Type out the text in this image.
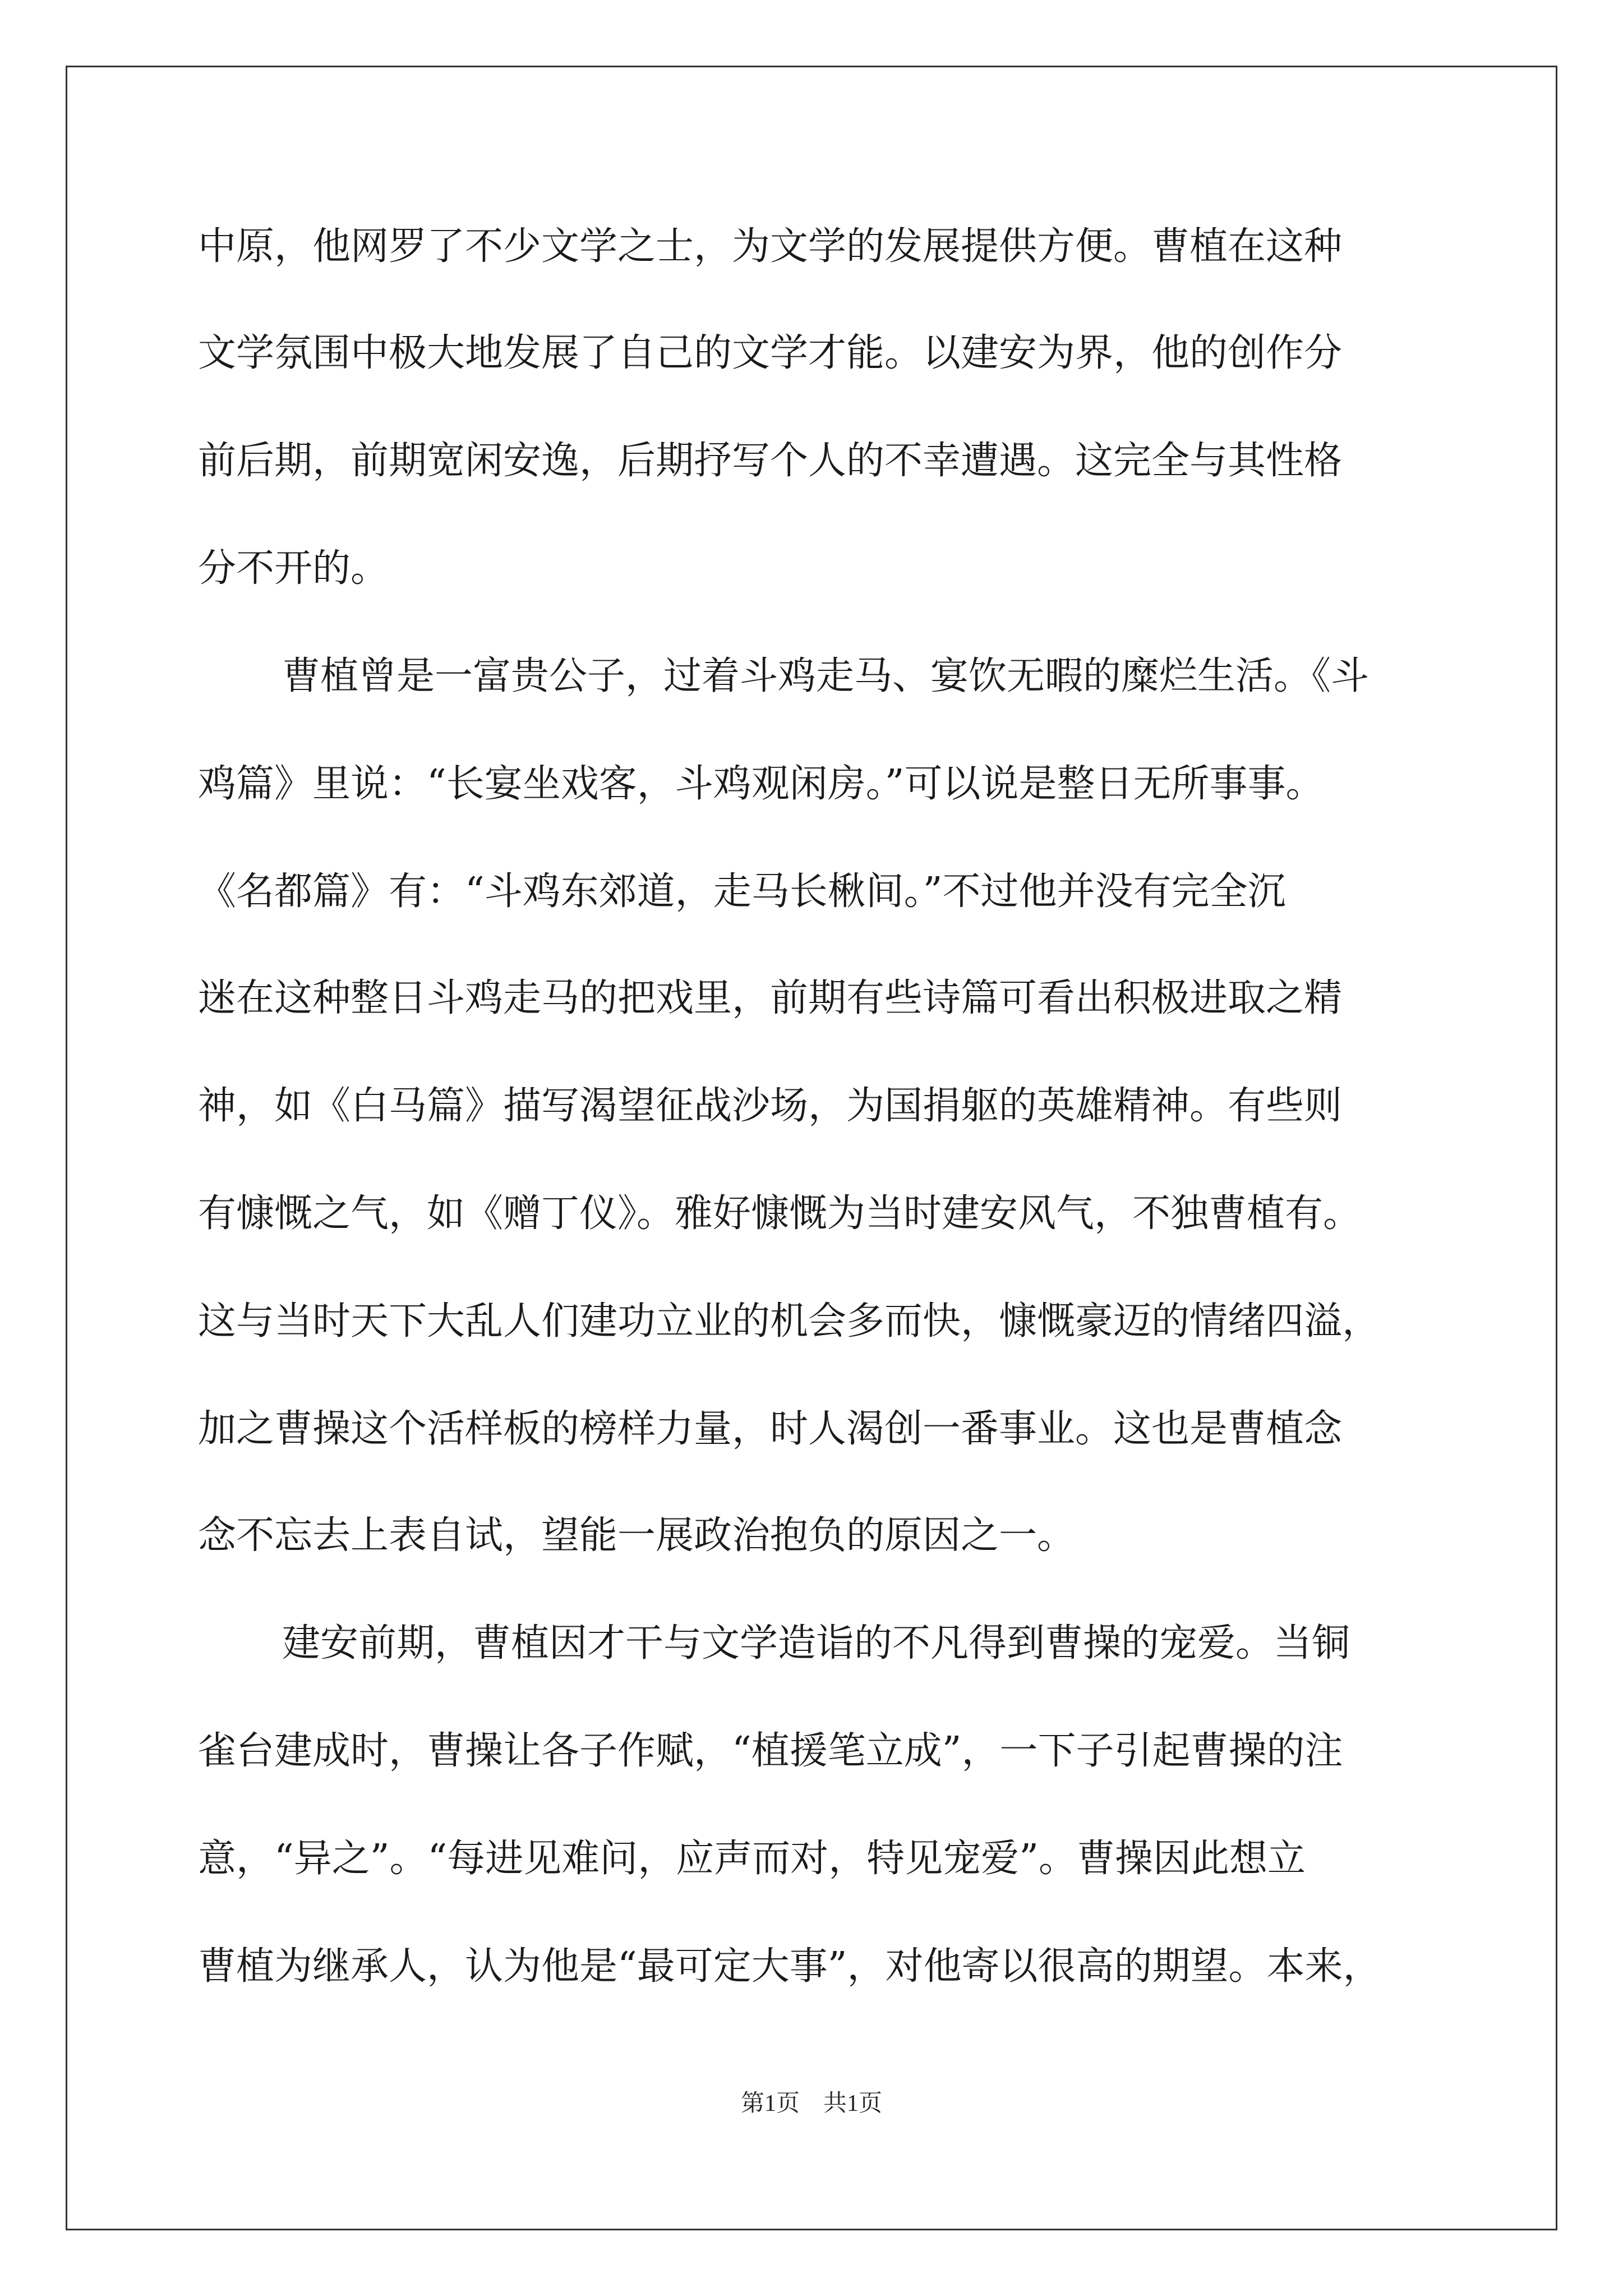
中原，他网罗了不少文学之士，为文学的发展提供方便。曹植在这种

文学氛围中极大地发展了自己的文学才能。以建安为界，他的创作分

前后期，前期宽闲安逸，后期抒写个人的不幸遭遇。这完全与其性格

分不开的。

曹植曾是一富贵公子，过着斗鸡走马、宴饮无暇的糜烂生活。《斗

鸡篇》里说：“长宴坐戏客，斗鸡观闲房。”可以说是整日无所事事。

《名都篇》有：“斗鸡东郊道，走马长楸间。”不过他并没有完全沉

迷在这种整日斗鸡走马的把戏里，前期有些诗篇可看出积极进取之精

神，如《白马篇》描写渴望征战沙场，为国捐躯的英雄精神。有些则

有慷慨之气，如《赠丁仪》。雅好慷慨为当时建安风气，不独曹植有。

这与当时天下大乱人们建功立业的机会多而快，慷慨豪迈的情绪四溢，

加之曹操这个活样板的榜样力量，时人渴创一番事业。这也是曹植念

念不忘去上表自试，望能一展政治抱负的原因之一。

建安前期，曹植因才干与文学造诣的不凡得到曹操的宠爱。当铜

雀台建成时，曹操让各子作赋，“植援笔立成”，一下子引起曹操的注

意，“异之”。“每进见难问，应声而对，特见宠爱”。曹操因此想立

曹植为继承人，认为他是“最可定大事”，对他寄以很高的期望。本来，

第1页　共1页
